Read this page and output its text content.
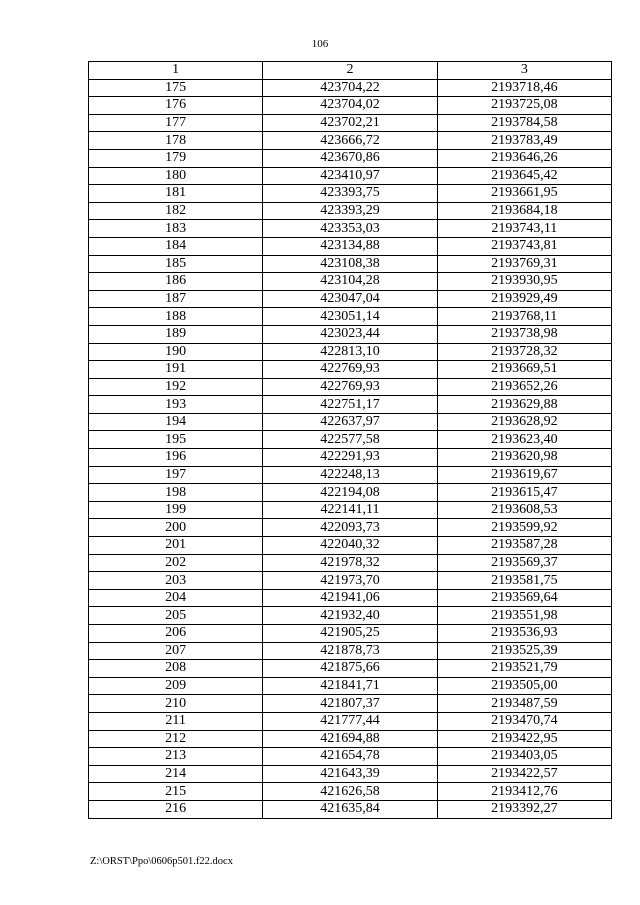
106
1	2	3
175	423704,22	2193718,46
176	423704,02	2193725,08
177	423702,21	2193784,58
178	423666,72	2193783,49
179	423670,86	2193646,26
180	423410,97	2193645,42
181	423393,75	2193661,95
182	423393,29	2193684,18
183	423353,03	2193743,11
184	423134,88	2193743,81
185	423108,38	2193769,31
186	423104,28	2193930,95
187	423047,04	2193929,49
188	423051,14	2193768,11
189	423023,44	2193738,98
190	422813,10	2193728,32
191	422769,93	2193669,51
192	422769,93	2193652,26
193	422751,17	2193629,88
194	422637,97	2193628,92
195	422577,58	2193623,40
196	422291,93	2193620,98
197	422248,13	2193619,67
198	422194,08	2193615,47
199	422141,11	2193608,53
200	422093,73	2193599,92
201	422040,32	2193587,28
202	421978,32	2193569,37
203	421973,70	2193581,75
204	421941,06	2193569,64
205	421932,40	2193551,98
206	421905,25	2193536,93
207	421878,73	2193525,39
208	421875,66	2193521,79
209	421841,71	2193505,00
210	421807,37	2193487,59
211	421777,44	2193470,74
212	421694,88	2193422,95
213	421654,78	2193403,05
214	421643,39	2193422,57
215	421626,58	2193412,76
216	421635,84	2193392,27
Z:\ORST\Ppo\0606p501.f22.docx
